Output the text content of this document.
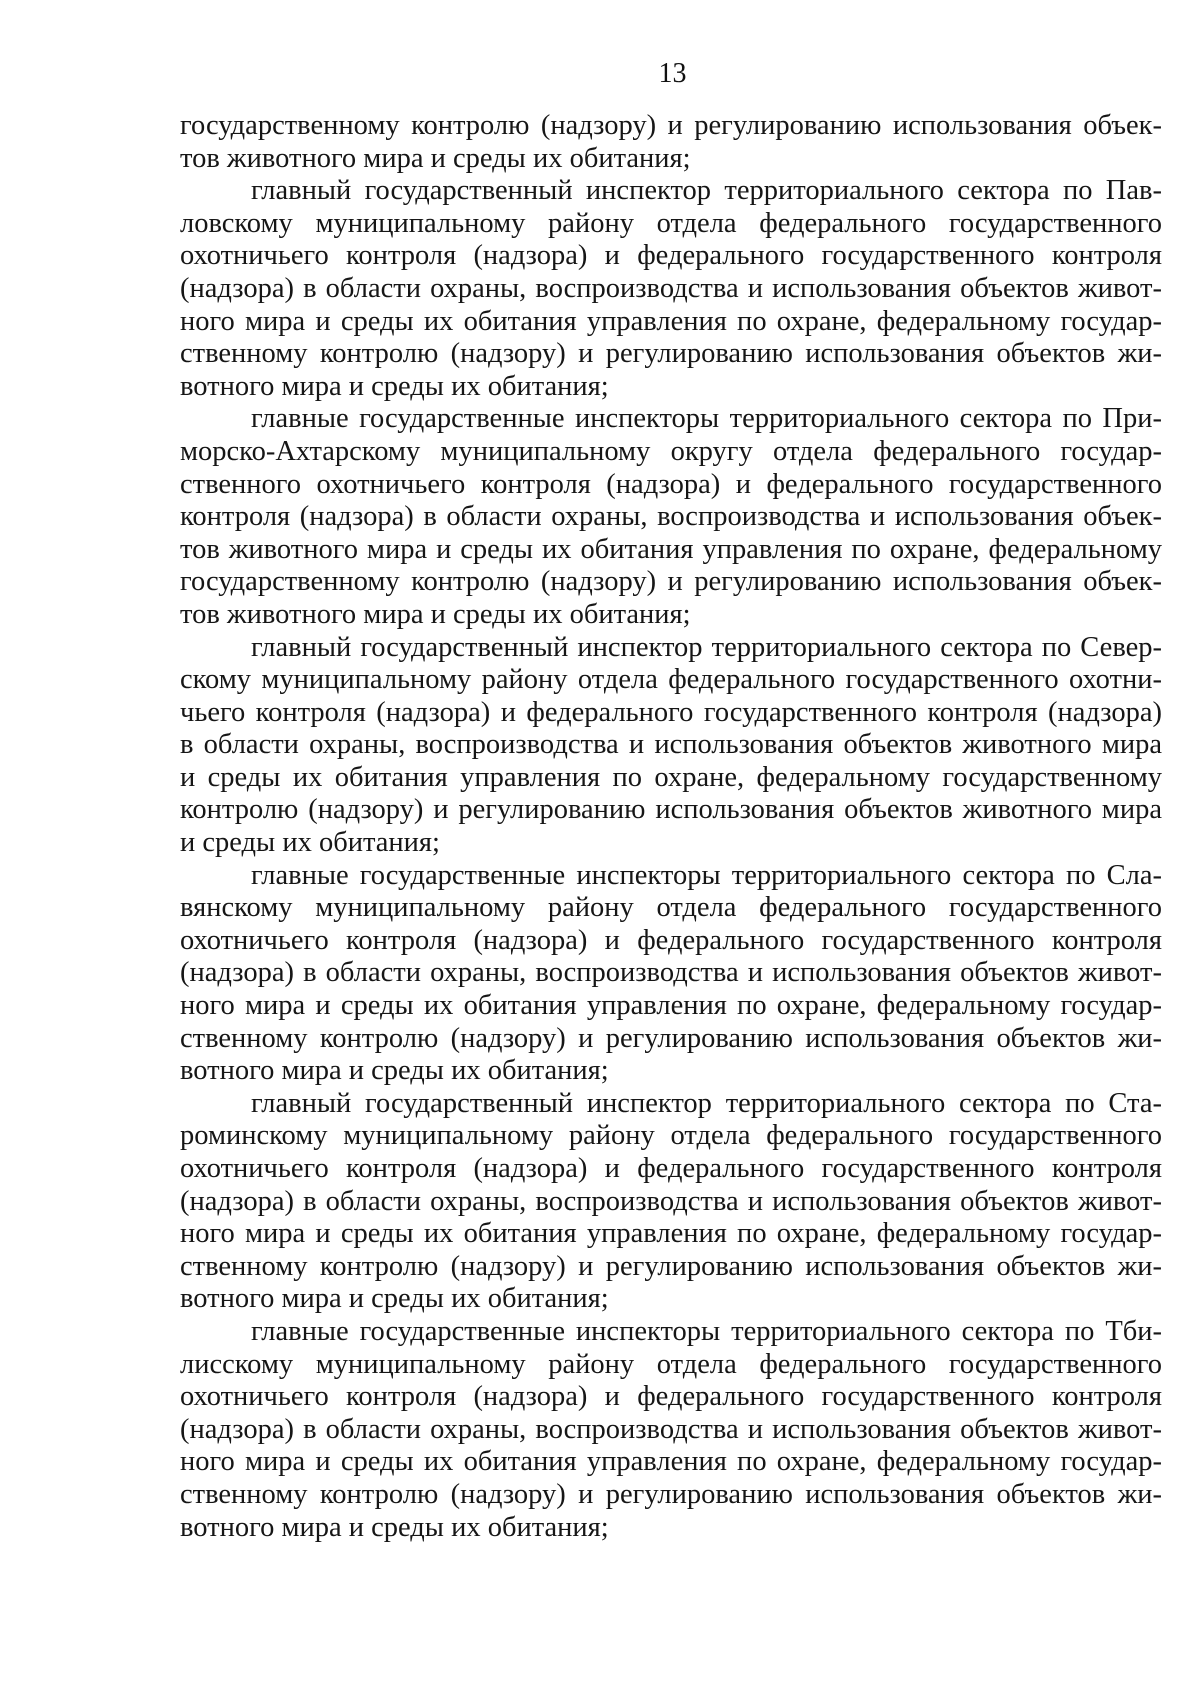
13
государственному контролю (надзору) и регулированию использования объек-
тов животного мира и среды их обитания;
главный государственный инспектор территориального сектора по Пав-
ловскому муниципальному району отдела федерального государственного
охотничьего контроля (надзора) и федерального государственного контроля
(надзора) в области охраны, воспроизводства и использования объектов живот-
ного мира и среды их обитания управления по охране, федеральному государ-
ственному контролю (надзору) и регулированию использования объектов жи-
вотного мира и среды их обитания;
главные государственные инспекторы территориального сектора по При-
морско-Ахтарскому муниципальному округу отдела федерального государ-
ственного охотничьего контроля (надзора) и федерального государственного
контроля (надзора) в области охраны, воспроизводства и использования объек-
тов животного мира и среды их обитания управления по охране, федеральному
государственному контролю (надзору) и регулированию использования объек-
тов животного мира и среды их обитания;
главный государственный инспектор территориального сектора по Север-
скому муниципальному району отдела федерального государственного охотни-
чьего контроля (надзора) и федерального государственного контроля (надзора)
в области охраны, воспроизводства и использования объектов животного мира
и среды их обитания управления по охране, федеральному государственному
контролю (надзору) и регулированию использования объектов животного мира
и среды их обитания;
главные государственные инспекторы территориального сектора по Сла-
вянскому муниципальному району отдела федерального государственного
охотничьего контроля (надзора) и федерального государственного контроля
(надзора) в области охраны, воспроизводства и использования объектов живот-
ного мира и среды их обитания управления по охране, федеральному государ-
ственному контролю (надзору) и регулированию использования объектов жи-
вотного мира и среды их обитания;
главный государственный инспектор территориального сектора по Ста-
роминскому муниципальному району отдела федерального государственного
охотничьего контроля (надзора) и федерального государственного контроля
(надзора) в области охраны, воспроизводства и использования объектов живот-
ного мира и среды их обитания управления по охране, федеральному государ-
ственному контролю (надзору) и регулированию использования объектов жи-
вотного мира и среды их обитания;
главные государственные инспекторы территориального сектора по Тби-
лисскому муниципальному району отдела федерального государственного
охотничьего контроля (надзора) и федерального государственного контроля
(надзора) в области охраны, воспроизводства и использования объектов живот-
ного мира и среды их обитания управления по охране, федеральному государ-
ственному контролю (надзору) и регулированию использования объектов жи-
вотного мира и среды их обитания;
